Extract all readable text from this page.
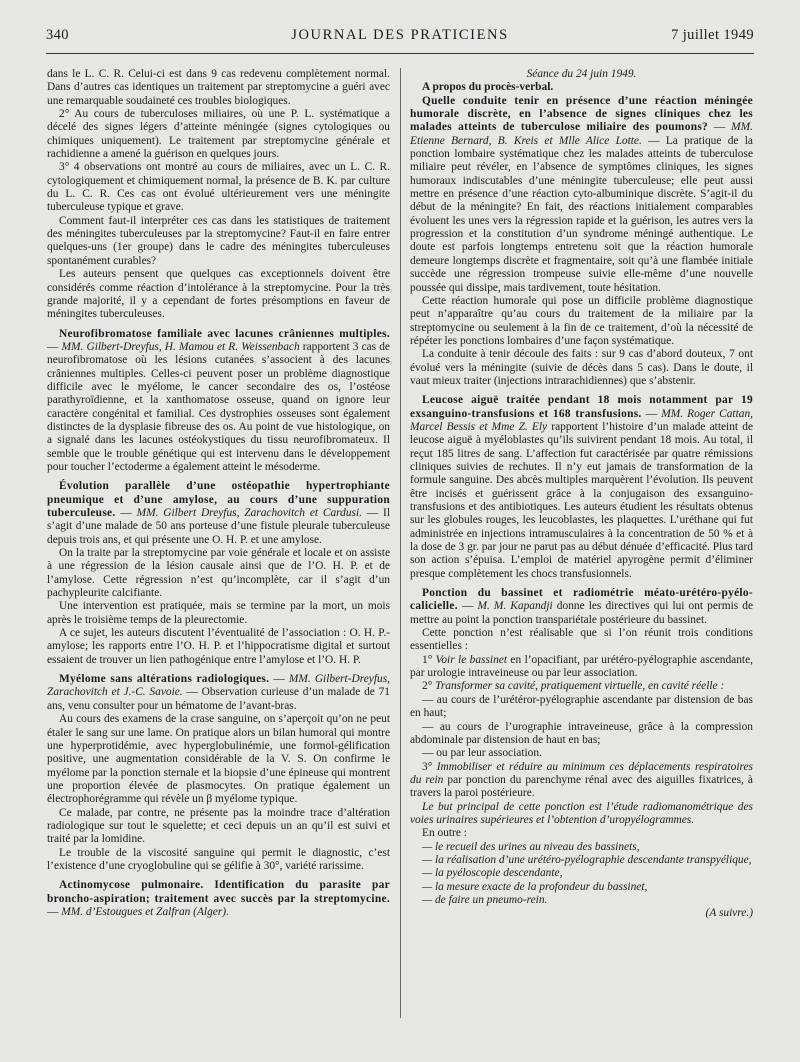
340	JOURNAL DES PRATICIENS	7 juillet 1949

dans le L. C. R. Celui-ci est dans 9 cas redevenu complètement normal. Dans d’autres cas identiques un traitement par streptomycine a guéri avec une remarquable soudaineté ces troubles biologiques.

2° Au cours de tuberculoses miliaires, où une P. L. systématique a décelé des signes légers d’atteinte méningée (signes cytologiques ou chimiques uniquement). Le traitement par streptomycine générale et rachidienne a amené la guérison en quelques jours.

3° 4 observations ont montré au cours de miliaires, avec un L. C. R. cytologiquement et chimiquement normal, la présence de B. K. par culture du L. C. R. Ces cas ont évolué ultérieurement vers une méningite tuberculeuse typique et grave.

Comment faut-il interpréter ces cas dans les statistiques de traitement des méningites tuberculeuses par la streptomycine? Faut-il en faire entrer quelques-uns (1er groupe) dans le cadre des méningites tuberculeuses spontanément curables?

Les auteurs pensent que quelques cas exceptionnels doivent être considérés comme réaction d’intolérance à la streptomycine. Pour la très grande majorité, il y a cependant de fortes présomptions en faveur de méningites tuberculeuses.

Neurofibromatose familiale avec lacunes crâniennes multiples. — MM. Gilbert-Dreyfus, H. Mamou et R. Weissenbach rapportent 3 cas de neurofibromatose où les lésions cutanées s’associent à des lacunes crâniennes multiples. Celles-ci peuvent poser un problème diagnostique difficile avec le myélome, le cancer secondaire des os, l’ostéose parathyroïdienne, et la xanthomatose osseuse, quand on ignore leur caractère congénital et familial. Ces dystrophies osseuses sont également distinctes de la dysplasie fibreuse des os. Au point de vue histologique, on a signalé dans les lacunes ostéokystiques du tissu neurofibromateux. Il semble que le trouble génétique qui est intervenu dans le développement pour toucher l’ectoderme a également atteint le mésoderme.

Évolution parallèle d’une ostéopathie hypertrophiante pneumique et d’une amylose, au cours d’une suppuration tuberculeuse. — MM. Gilbert Dreyfus, Zarachovitch et Cardusi. — Il s’agit d’une malade de 50 ans porteuse d’une fistule pleurale tuberculeuse depuis trois ans, et qui présente une O. H. P. et une amylose.

On la traite par la streptomycine par voie générale et locale et on assiste à une régression de la lésion causale ainsi que de l’O. H. P. et de l’amylose. Cette régression n’est qu’incomplète, car il s’agit d’un pachypleurite calcifiante.

Une intervention est pratiquée, mais se termine par la mort, un mois après le troisième temps de la pleurectomie.

A ce sujet, les auteurs discutent l’éventualité de l’association : O. H. P.-amylose; les rapports entre l’O. H. P. et l’hippocratisme digital et surtout essaient de trouver un lien pathogénique entre l’amylose et l’O. H. P.

Myélome sans altérations radiologiques. — MM. Gilbert-Dreyfus, Zarachovitch et J.-C. Savoie. — Observation curieuse d’un malade de 71 ans, venu consulter pour un hématome de l’avant-bras.

Au cours des examens de la crase sanguine, on s’aperçoit qu’on ne peut étaler le sang sur une lame. On pratique alors un bilan humoral qui montre une hyperprotidémie, avec hyperglobulinémie, une formol-gélification positive, une augmentation considérable de la V. S. On confirme le myélome par la ponction sternale et la biopsie d’une épineuse qui montrent une proportion élevée de plasmocytes. On pratique également un électrophorégramme qui révèle un β myélome typique.

Ce malade, par contre, ne présente pas la moindre trace d’altération radiologique sur tout le squelette; et ceci depuis un an qu’il est suivi et traité par la lomidine.

Le trouble de la viscosité sanguine qui permit le diagnostic, c’est l’existence d’une cryoglobuline qui se gélifie à 30°, variété rarissime.

Actinomycose pulmonaire. Identification du parasite par broncho-aspiration; traitement avec succès par la streptomycine. — MM. d’Estougues et Zalfran (Alger).

Séance du 24 juin 1949.

A propos du procès-verbal.

Quelle conduite tenir en présence d’une réaction méningée humorale discrète, en l’absence de signes cliniques chez les malades atteints de tuberculose miliaire des poumons? — MM. Etienne Bernard, B. Kreis et Mlle Alice Lotte. — La pratique de la ponction lombaire systématique chez les malades atteints de tuberculose miliaire peut révéler, en l’absence de symptômes cliniques, les signes humoraux indiscutables d’une méningite tuberculeuse; elle peut aussi mettre en présence d’une réaction cyto-albuminique discrète. S’agit-il du début de la méningite? En fait, des réactions initialement comparables évoluent les unes vers la régression rapide et la guérison, les autres vers la progression et la constitution d’un syndrome méningé authentique. Le doute est parfois longtemps entretenu soit que la réaction humorale demeure longtemps discrète et fragmentaire, soit qu’à une flambée initiale succède une régression trompeuse suivie elle-même d’une nouvelle poussée qui dissipe, mais tardivement, toute hésitation.

Cette réaction humorale qui pose un difficile problème diagnostique peut n’apparaître qu’au cours du traitement de la miliaire par la streptomycine ou seulement à la fin de ce traitement, d’où la nécessité de répéter les ponctions lombaires d’une façon systématique.

La conduite à tenir découle des faits : sur 9 cas d’abord douteux, 7 ont évolué vers la méningite (suivie de décès dans 5 cas). Dans le doute, il vaut mieux traiter (injections intrarachidiennes) que s’abstenir.

Leucose aiguë traitée pendant 18 mois notamment par 19 exsanguino-transfusions et 168 transfusions. — MM. Roger Cattan, Marcel Bessis et Mme Z. Ely rapportent l’histoire d’un malade atteint de leucose aiguë à myéloblastes qu’ils suivirent pendant 18 mois. Au total, il reçut 185 litres de sang. L’affection fut caractérisée par quatre rémissions cliniques suivies de rechutes. Il n’y eut jamais de transformation de la formule sanguine. Des abcès multiples marquèrent l’évolution. Ils peuvent être incisés et guérissent grâce à la conjugaison des exsanguino-transfusions et des antibiotiques. Les auteurs étudient les résultats obtenus sur les globules rouges, les leucoblastes, les plaquettes. L’uréthane qui fut administrée en injections intramusculaires à la concentration de 50 % et à la dose de 3 gr. par jour ne parut pas au début dénuée d’efficacité. Plus tard son action s’épuisa. L’emploi de matériel apyrogène permit d’éliminer presque complètement les chocs transfusionnels.

Ponction du bassinet et radiométrie méato-urétéro-pyélo-calicielle. — M. M. Kapandji donne les directives qui lui ont permis de mettre au point la ponction transpariétale postérieure du bassinet.

Cette ponction n’est réalisable que si l’on réunit trois conditions essentielles :

1° Voir le bassinet en l’opacifiant, par urétéro-pyélographie ascendante, par urologie intraveineuse ou par leur association.

2° Transformer sa cavité, pratiquement virtuelle, en cavité réelle :

— au cours de l’urétéror-pyélographie ascendante par distension de bas en haut;

— au cours de l’urographie intraveineuse, grâce à la compression abdominale par distension de haut en bas;

— ou par leur association.

3° Immobiliser et réduire au minimum ces déplacements respiratoires du rein par ponction du parenchyme rénal avec des aiguilles fixatrices, à travers la paroi postérieure.

Le but principal de cette ponction est l’étude radiomanométrique des voies urinaires supérieures et l’obtention d’uropyélogrammes.

En outre :

— le recueil des urines au niveau des bassinets,

— la réalisation d’une urétéro-pyélographie descendante transpyélique,

— la pyéloscopie descendante,

— la mesure exacte de la profondeur du bassinet,

— de faire un pneumo-rein.

(A suivre.)
